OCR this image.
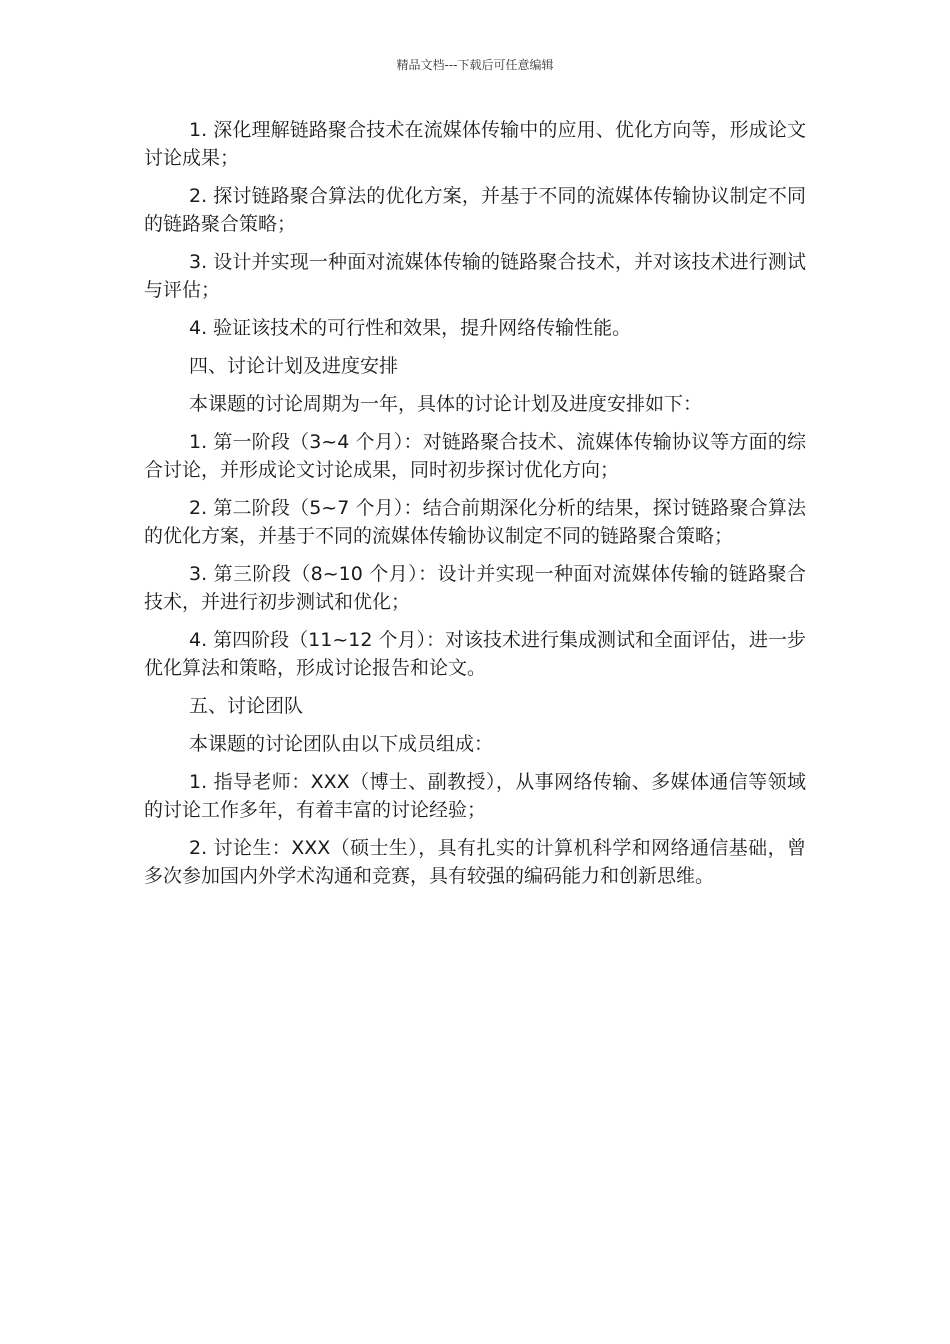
精品文档---下载后可任意编辑

1. 深化理解链路聚合技术在流媒体传输中的应用、优化方向等，形成论文讨论成果；

2. 探讨链路聚合算法的优化方案，并基于不同的流媒体传输协议制定不同的链路聚合策略；

3. 设计并实现一种面对流媒体传输的链路聚合技术，并对该技术进行测试与评估；

4. 验证该技术的可行性和效果，提升网络传输性能。

四、讨论计划及进度安排

本课题的讨论周期为一年，具体的讨论计划及进度安排如下：

1. 第一阶段（3~4 个月）：对链路聚合技术、流媒体传输协议等方面的综合讨论，并形成论文讨论成果，同时初步探讨优化方向；

2. 第二阶段（5~7 个月）：结合前期深化分析的结果，探讨链路聚合算法的优化方案，并基于不同的流媒体传输协议制定不同的链路聚合策略；

3. 第三阶段（8~10 个月）：设计并实现一种面对流媒体传输的链路聚合技术，并进行初步测试和优化；

4. 第四阶段（11~12 个月）：对该技术进行集成测试和全面评估，进一步优化算法和策略，形成讨论报告和论文。

五、讨论团队

本课题的讨论团队由以下成员组成：

1. 指导老师：XXX（博士、副教授），从事网络传输、多媒体通信等领域的讨论工作多年，有着丰富的讨论经验；

2. 讨论生：XXX（硕士生），具有扎实的计算机科学和网络通信基础，曾多次参加国内外学术沟通和竞赛，具有较强的编码能力和创新思维。
